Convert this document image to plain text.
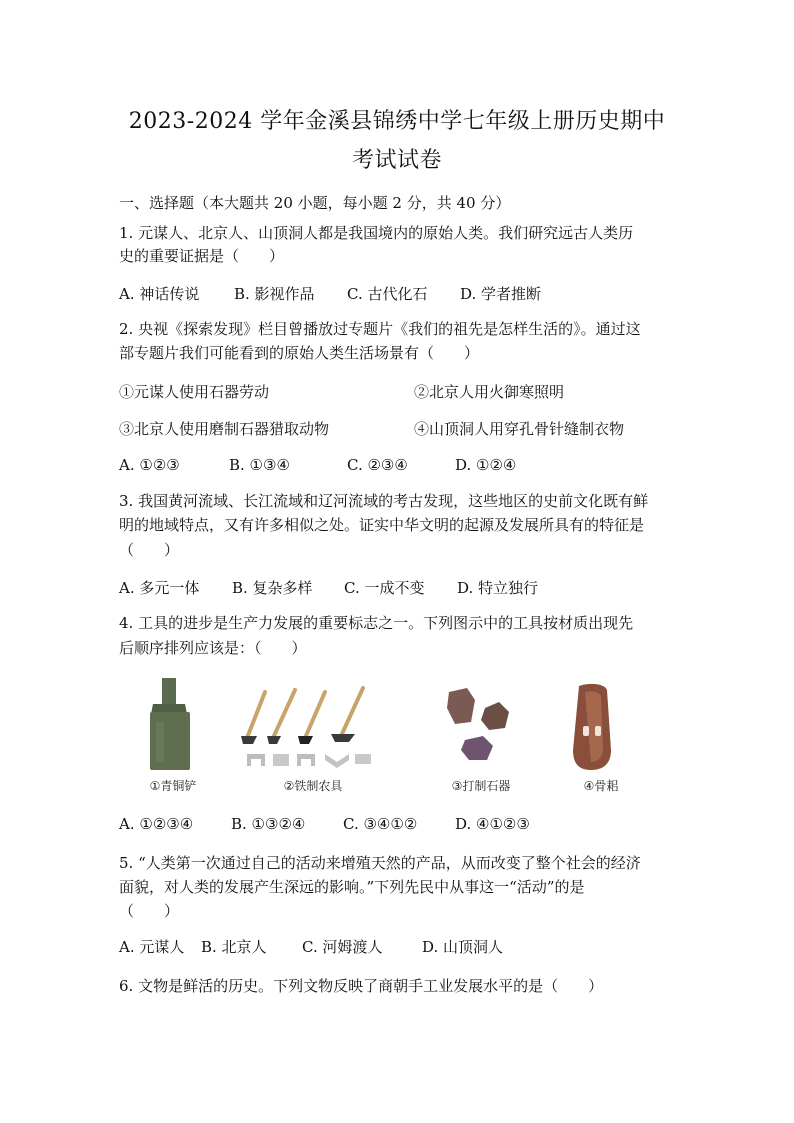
2023-2024 学年金溪县锦绣中学七年级上册历史期中
考试试卷
一、选择题（本大题共 20 小题，每小题 2 分，共 40 分）
1. 元谋人、北京人、山顶洞人都是我国境内的原始人类。我们研究远古人类历
史的重要证据是（　　）
A. 神话传说 B. 影视作品 C. 古代化石 D. 学者推断
2. 央视《探索发现》栏目曾播放过专题片《我们的祖先是怎样生活的》。通过这
部专题片我们可能看到的原始人类生活场景有（　　）
①元谋人使用石器劳动	②北京人用火御寒照明
③北京人使用磨制石器猎取动物	④山顶洞人用穿孔骨针缝制衣物
A. ①②③	B. ①③④	C. ②③④	D. ①②④
3. 我国黄河流域、长江流域和辽河流域的考古发现，这些地区的史前文化既有鲜
明的地域特点，又有许多相似之处。证实中华文明的起源及发展所具有的特征是
（　　）
A. 多元一体 B. 复杂多样 C. 一成不变 D. 特立独行
4. 工具的进步是生产力发展的重要标志之一。下列图示中的工具按材质出现先
后顺序排列应该是：（　　）
①青铜铲	②铁制农具	③打制石器	④骨耜
A. ①②③④	B. ①③②④	C. ③④①②	D. ④①②③
5. “人类第一次通过自己的活动来增殖天然的产品，从而改变了整个社会的经济
面貌，对人类的发展产生深远的影响。”下列先民中从事这一“活动”的是
（　　）
A. 元谋人 B. 北京人 C. 河姆渡人	D. 山顶洞人
6. 文物是鲜活的历史。下列文物反映了商朝手工业发展水平的是（　　）
